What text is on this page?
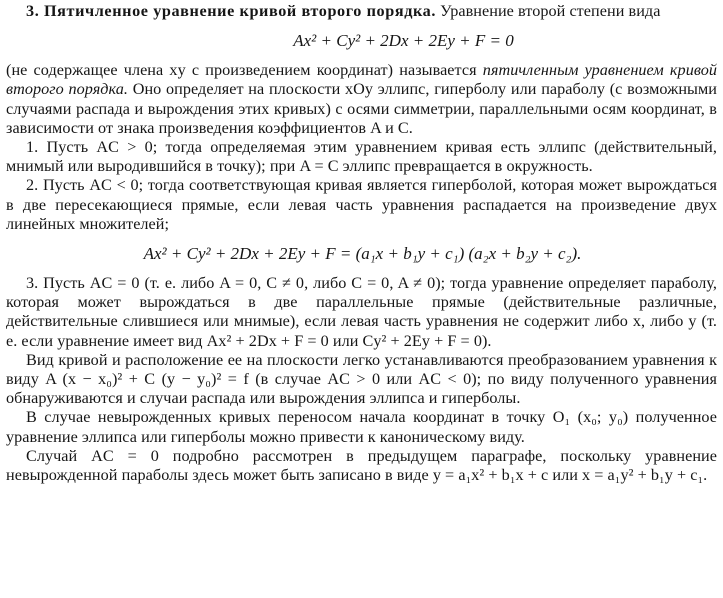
3. Пятичленное уравнение кривой второго порядка. Уравнение второй степени вида

Ax² + Cy² + 2Dx + 2Ey + F = 0

(не содержащее члена xy с произведением координат) называется пятичленным уравнением кривой второго порядка. Оно определяет на плоскости xOy эллипс, гиперболу или параболу (с возможными случаями распада и вырождения этих кривых) с осями симметрии, параллельными осям координат, в зависимости от знака произведения коэффициентов A и C.

1. Пусть AC > 0; тогда определяемая этим уравнением кривая есть эллипс (действительный, мнимый или выродившийся в точку); при A = C эллипс превращается в окружность.

2. Пусть AC < 0; тогда соответствующая кривая является гиперболой, которая может вырождаться в две пересекающиеся прямые, если левая часть уравнения распадается на произведение двух линейных множителей;

Ax² + Cy² + 2Dx + 2Ey + F = (a₁x + b₁y + c₁) (a₂x + b₂y + c₂).

3. Пусть AC = 0 (т. е. либо A = 0, C ≠ 0, либо C = 0, A ≠ 0); тогда уравнение определяет параболу, которая может вырождаться в две параллельные прямые (действительные различные, действительные слившиеся или мнимые), если левая часть уравнения не содержит либо x, либо y (т. е. если уравнение имеет вид Ax² + 2Dx + F = 0 или Cy² + 2Ey + F = 0).

Вид кривой и расположение ее на плоскости легко устанавливаются преобразованием уравнения к виду A (x − x₀)² + C (y − y₀)² = f (в случае AC > 0 или AC < 0); по виду полученного уравнения обнаруживаются и случаи распада или вырождения эллипса и гиперболы.

В случае невырожденных кривых переносом начала координат в точку O₁ (x₀; y₀) полученное уравнение эллипса или гиперболы можно привести к каноническому виду.

Случай AC = 0 подробно рассмотрен в предыдущем параграфе, поскольку уравнение невырожденной параболы здесь может быть записано в виде y = a₁x² + b₁x + c или x = a₁y² + b₁y + c₁.
